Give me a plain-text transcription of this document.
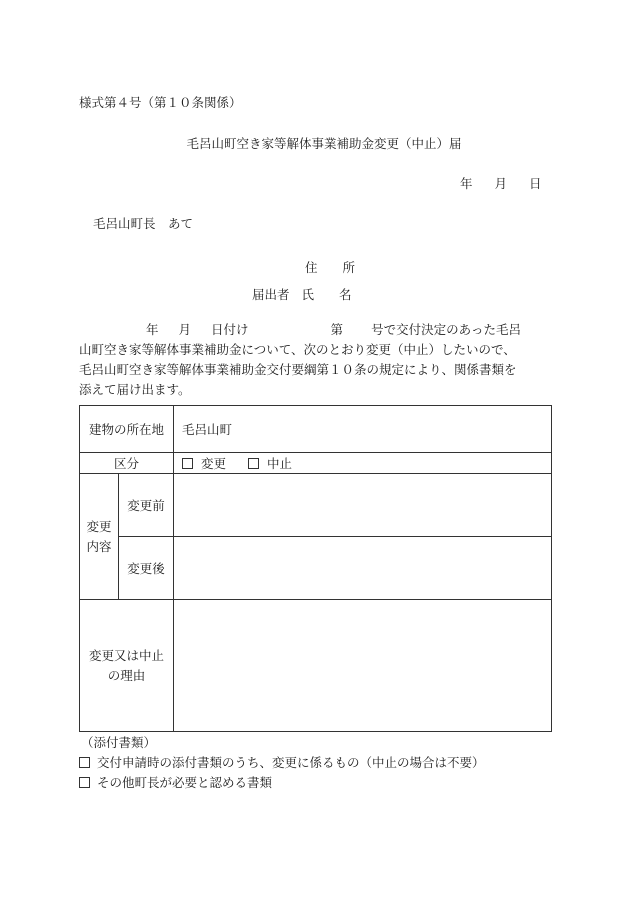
様式第４号（第１０条関係）
毛呂山町空き家等解体事業補助金変更（中止）届
年 月 日
毛呂山町長　あて
住　　所
届出者 氏　　名
年 月 日付け	第 号で交付決定のあった毛呂
山町空き家等解体事業補助金について、次のとおり変更（中止）したいので、
毛呂山町空き家等解体事業補助金交付要綱第１０条の規定により、関係書類を
添えて届け出ます。
建物の所在地		毛呂山町
区分		変更 中止

変更
内容	変更前	
	変更後	

変更又は中止
の理由		

（添付書類）
交付申請時の添付書類のうち、変更に係るもの（中止の場合は不要）
その他町長が必要と認める書類
